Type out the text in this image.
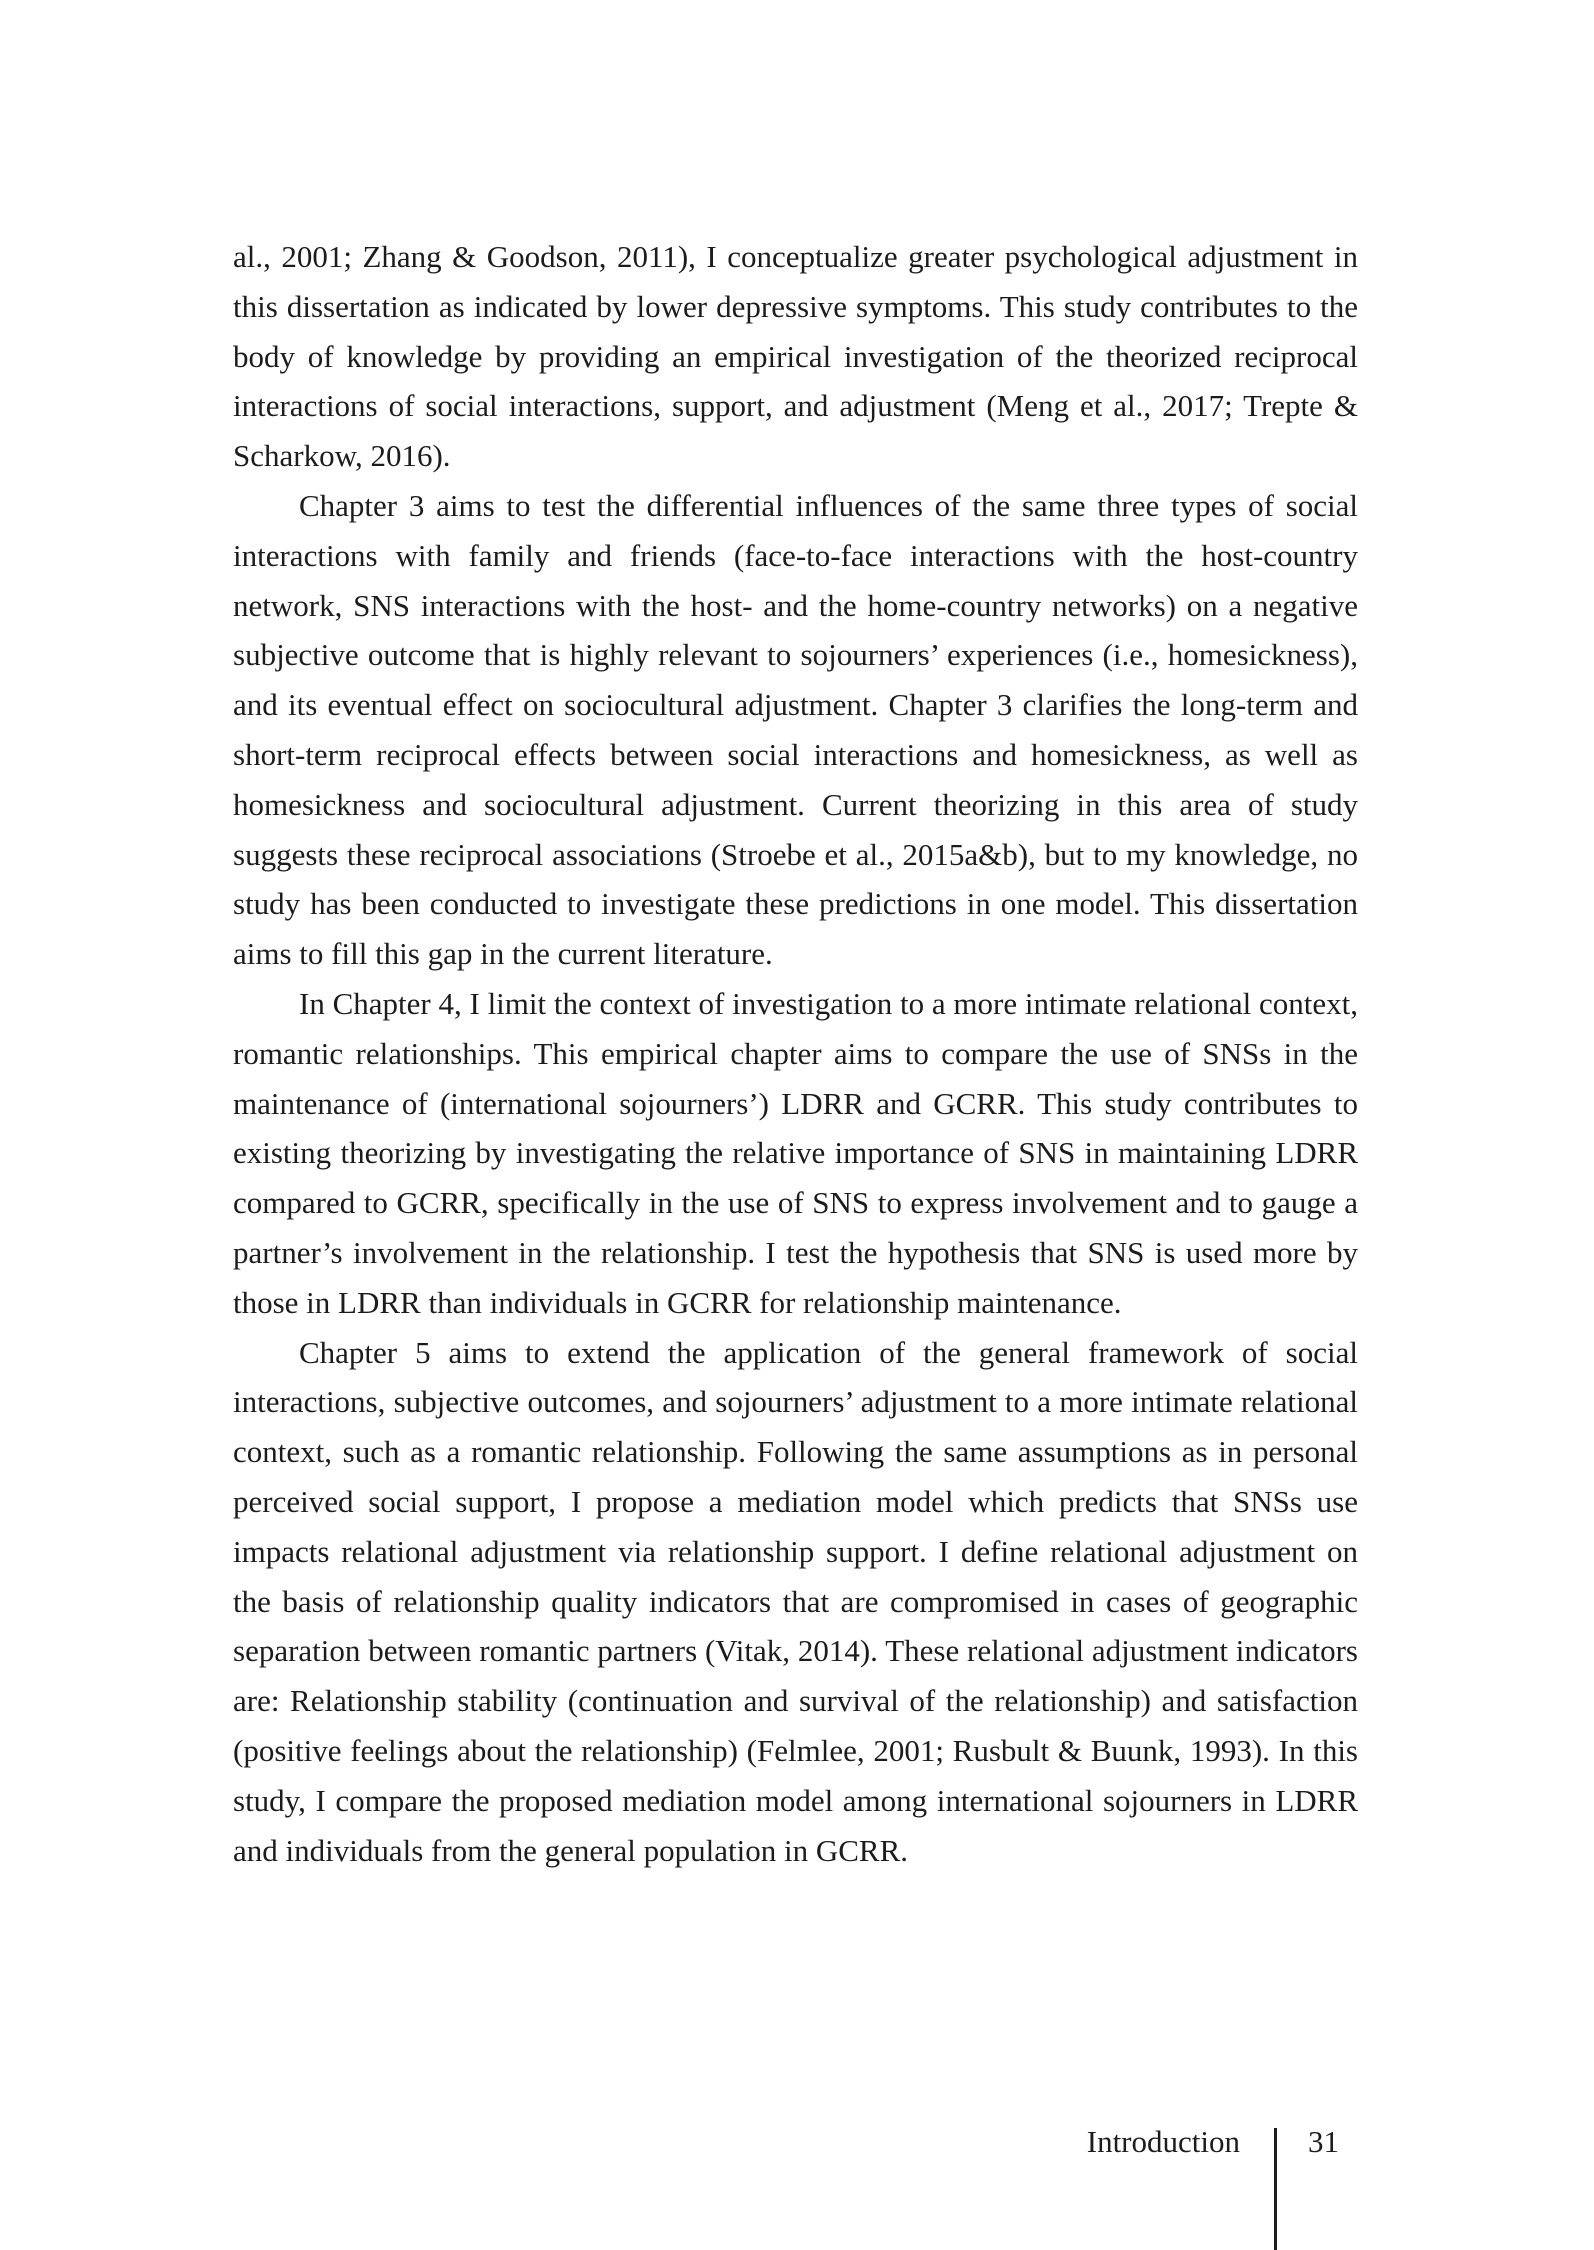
al., 2001; Zhang & Goodson, 2011), I conceptualize greater psychological adjustment in this dissertation as indicated by lower depressive symptoms. This study contributes to the body of knowledge by providing an empirical investigation of the theorized reciprocal interactions of social interactions, support, and adjustment (Meng et al., 2017; Trepte & Scharkow, 2016).

Chapter 3 aims to test the differential influences of the same three types of social interactions with family and friends (face-to-face interactions with the host-country network, SNS interactions with the host- and the home-country networks) on a negative subjective outcome that is highly relevant to sojourners’ experiences (i.e., homesickness), and its eventual effect on sociocultural adjustment. Chapter 3 clarifies the long-term and short-term reciprocal effects between social interactions and homesickness, as well as homesickness and sociocultural adjustment. Current theorizing in this area of study suggests these reciprocal associations (Stroebe et al., 2015a&b), but to my knowledge, no study has been conducted to investigate these predictions in one model. This dissertation aims to fill this gap in the current literature.

In Chapter 4, I limit the context of investigation to a more intimate relational context, romantic relationships. This empirical chapter aims to compare the use of SNSs in the maintenance of (international sojourners’) LDRR and GCRR. This study contributes to existing theorizing by investigating the relative importance of SNS in maintaining LDRR compared to GCRR, specifically in the use of SNS to express involvement and to gauge a partner’s involvement in the relationship. I test the hypothesis that SNS is used more by those in LDRR than individuals in GCRR for relationship maintenance.

Chapter 5 aims to extend the application of the general framework of social interactions, subjective outcomes, and sojourners’ adjustment to a more intimate relational context, such as a romantic relationship. Following the same assumptions as in personal perceived social support, I propose a mediation model which predicts that SNSs use impacts relational adjustment via relationship support. I define relational adjustment on the basis of relationship quality indicators that are compromised in cases of geographic separation between romantic partners (Vitak, 2014). These relational adjustment indicators are: Relationship stability (continuation and survival of the relationship) and satisfaction (positive feelings about the relationship) (Felmlee, 2001; Rusbult & Buunk, 1993). In this study, I compare the proposed mediation model among international sojourners in LDRR and individuals from the general population in GCRR.

Introduction 31
